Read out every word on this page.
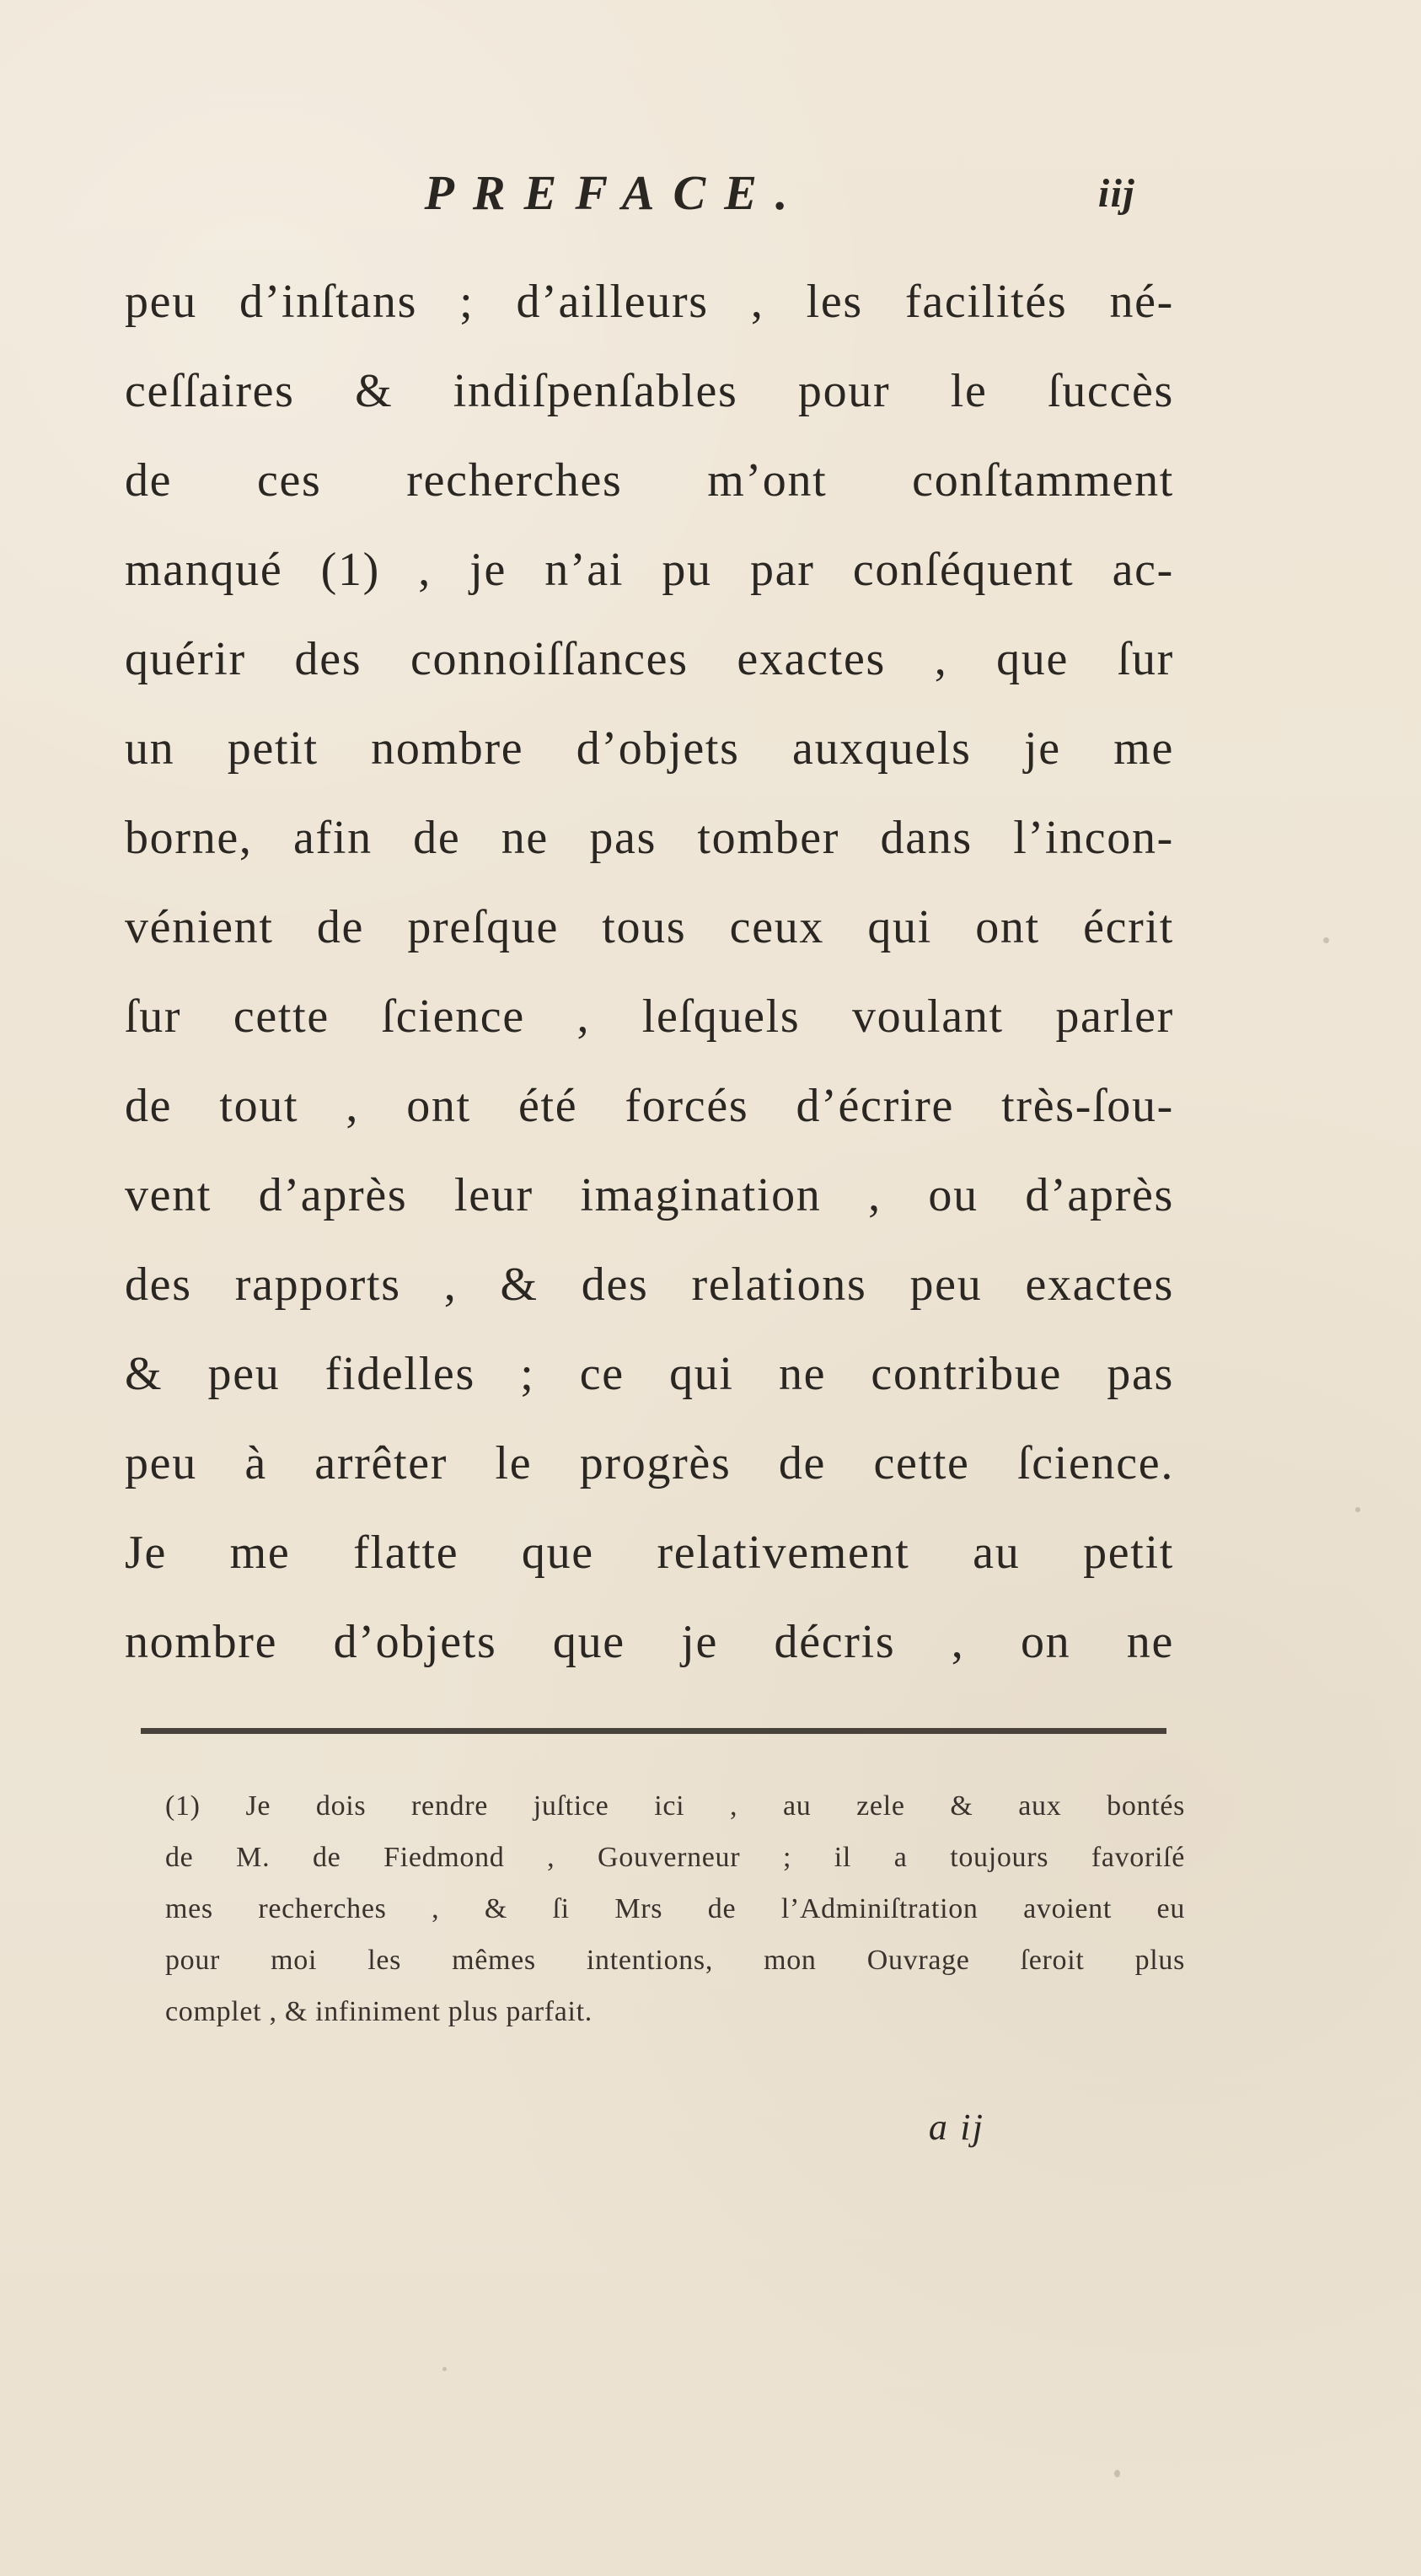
PREFACE.	iij

peu d’inſtans ; d’ailleurs , les facilités né-
ceſſaires & indiſpenſables pour le ſuccès
de ces recherches m’ont conſtamment
manqué (1) , je n’ai pu par conſéquent ac-
quérir des connoiſſances exactes , que ſur
un petit nombre d’objets auxquels je me
borne, afin de ne pas tomber dans l’incon-
vénient de preſque tous ceux qui ont écrit
ſur cette ſcience , leſquels voulant parler
de tout , ont été forcés d’écrire très-ſou-
vent d’après leur imagination , ou d’après
des rapports , & des relations peu exactes
& peu fidelles ; ce qui ne contribue pas
peu à arrêter le progrès de cette ſcience.
Je me flatte que relativement au petit
nombre d’objets que je décris , on ne

(1) Je dois rendre juſtice ici , au zele & aux bontés
de M. de Fiedmond , Gouverneur ; il a toujours favoriſé
mes recherches , & ſi Mrs de l’Adminiſtration avoient eu
pour moi les mêmes intentions, mon Ouvrage ſeroit plus
complet , & infiniment plus parfait.

a ij
